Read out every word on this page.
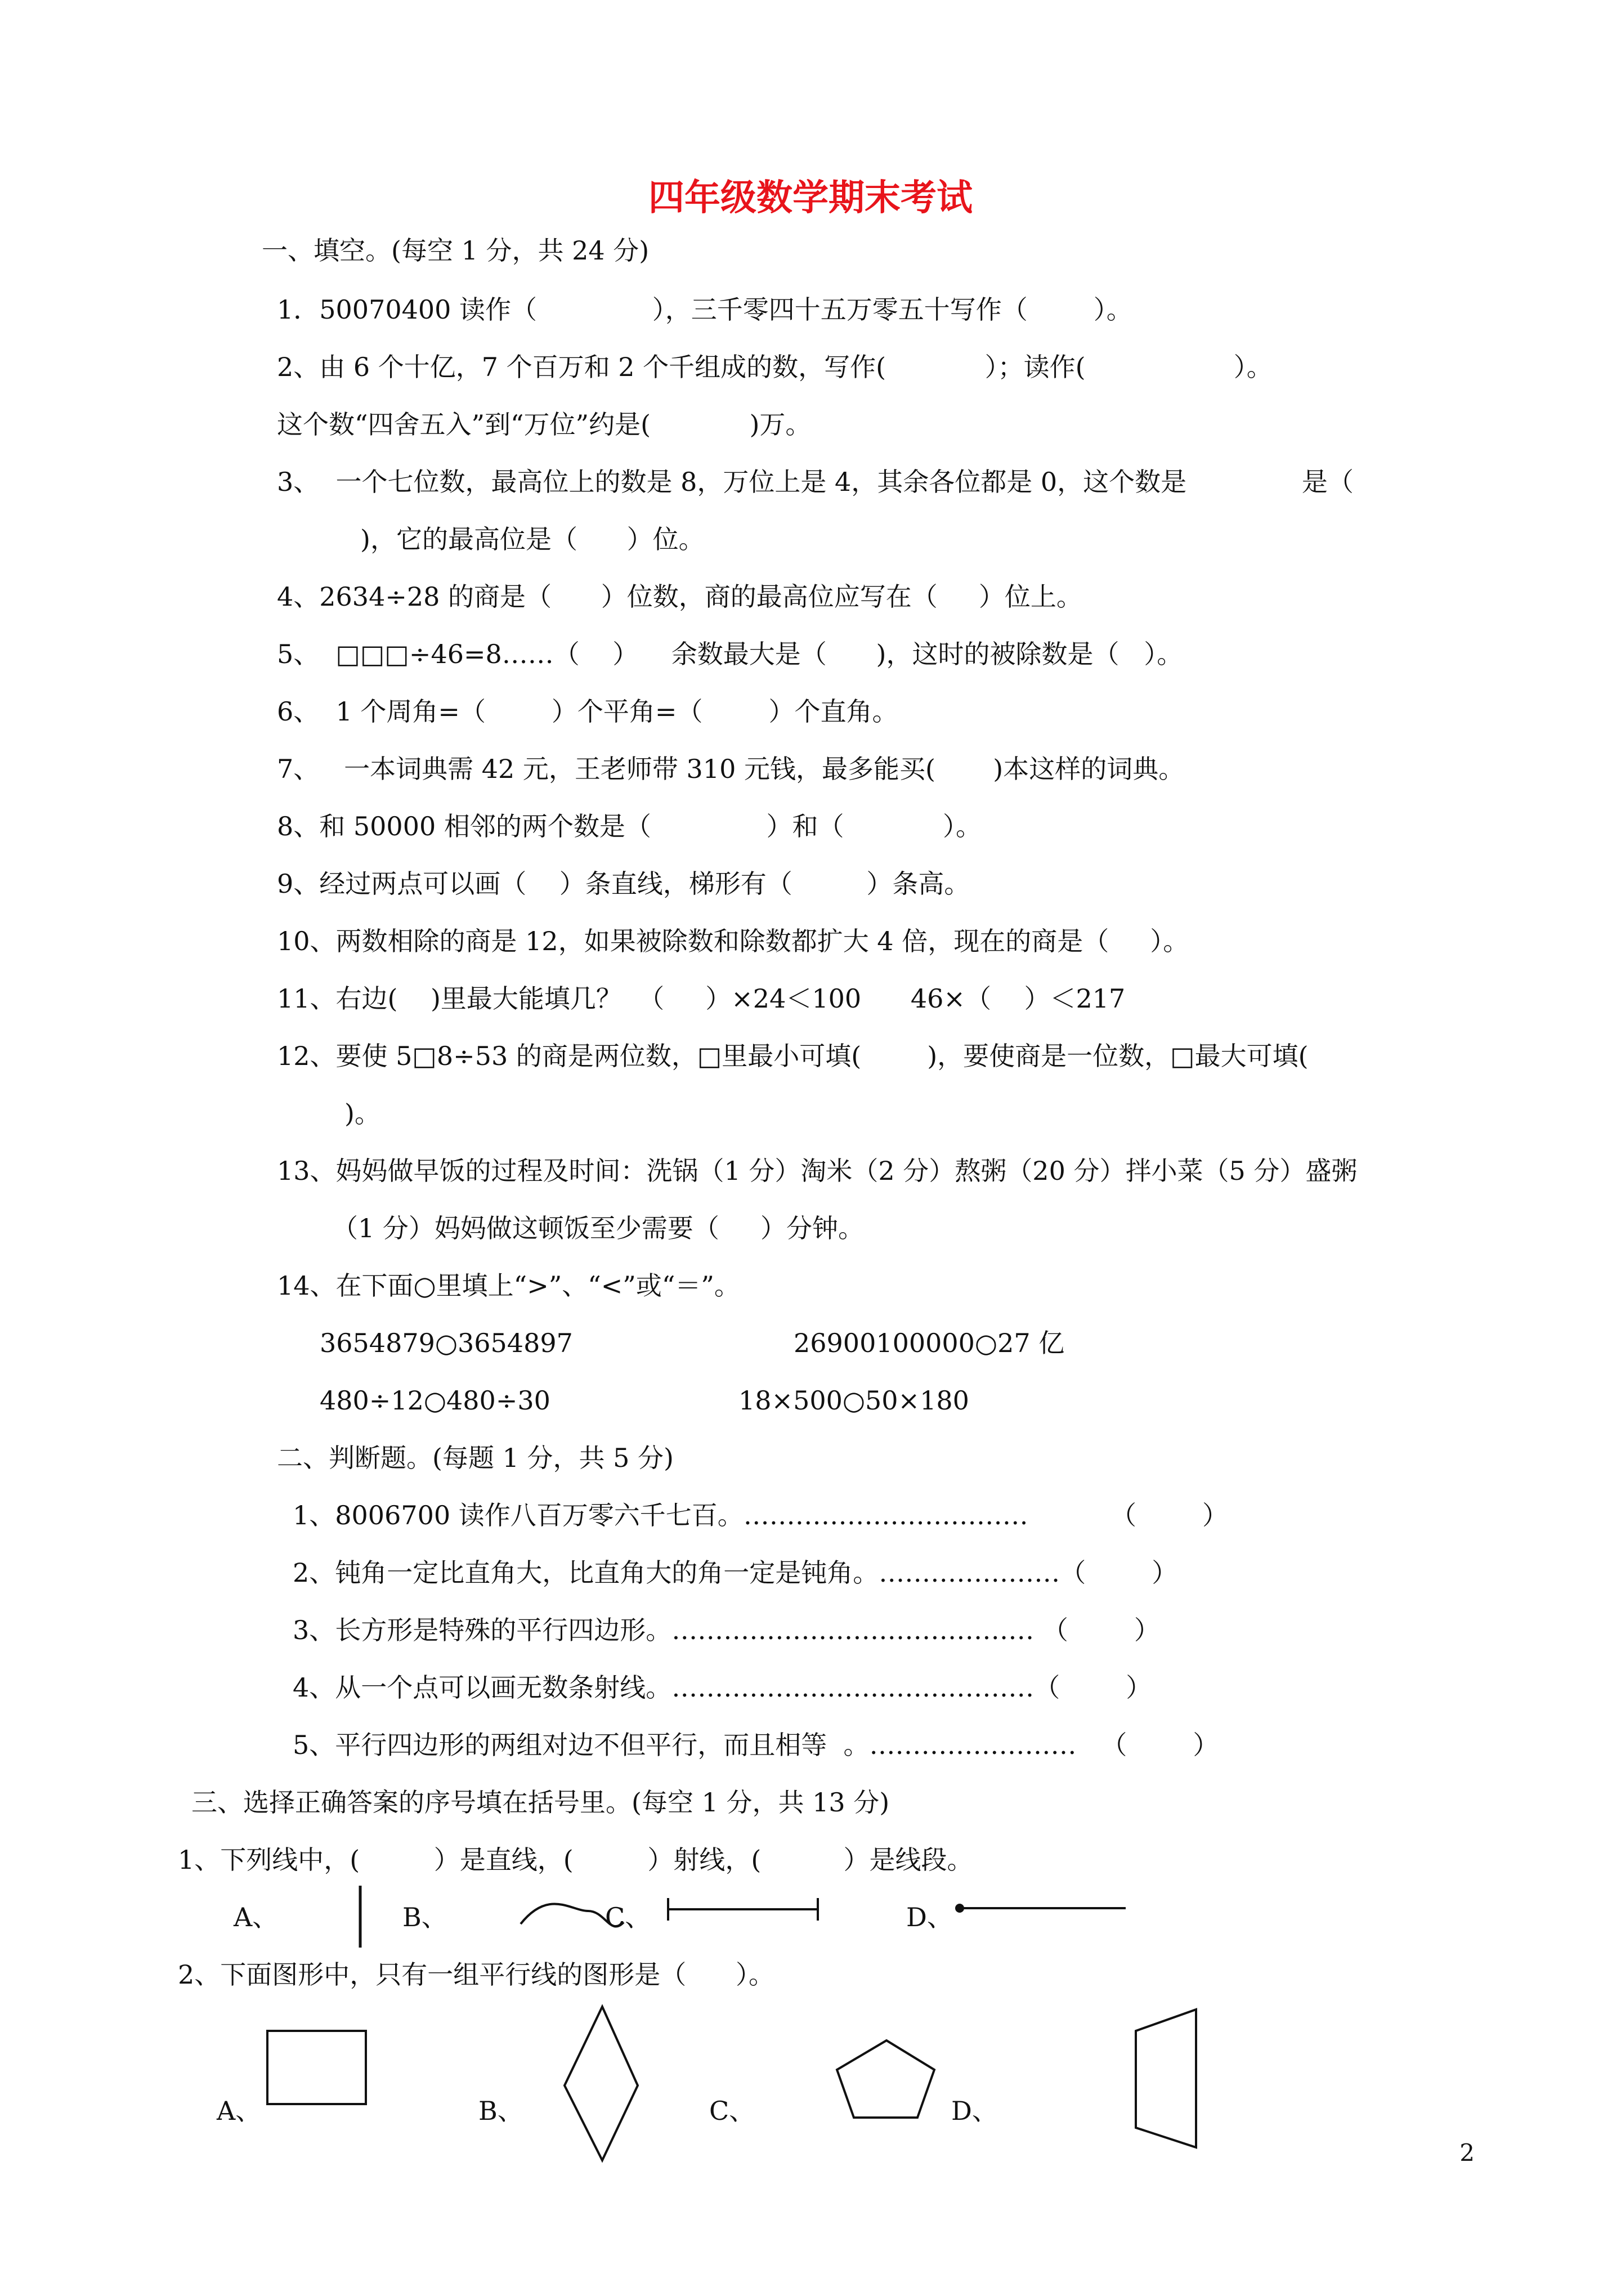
四年级数学期末考试
一、填空。(每空 1 分，共 24 分)
1．50070400 读作（              ），三千零四十五万零五十写作（        ）。
2、由 6 个十亿，7 个百万和 2 个千组成的数，写作(            ）；读作(                  ）。
这个数“四舍五入”到“万位”约是(            )万。
3、  一个七位数，最高位上的数是 8，万位上是 4，其余各位都是 0，这个数是              是（
)，它的最高位是（      ）位。
4、2634÷28 的商是（      ）位数，商的最高位应写在（     ）位上。
5、  □□□÷46=8……（    ）    余数最大是（      )，这时的被除数是（   ）。
6、  1 个周角=（        ）个平角=（        ）个直角。
7、   一本词典需 42 元，王老师带 310 元钱，最多能买(       )本这样的词典。
8、和 50000 相邻的两个数是（              ）和（            ）。
9、经过两点可以画（    ）条直线，梯形有（         ）条高。
10、两数相除的商是 12，如果被除数和除数都扩大 4 倍，现在的商是（     ）。
11、右边(    )里最大能填几？  （     ）×24＜100      46×（    ）＜217
12、要使 5□8÷53 的商是两位数，□里最小可填(        )，要使商是一位数，□最大可填(
)。
13、妈妈做早饭的过程及时间：洗锅（1 分）淘米（2 分）熬粥（20 分）拌小菜（5 分）盛粥
（1 分）妈妈做这顿饭至少需要（     ）分钟。
14、在下面○里填上“>”、“<”或“＝”。
3654879○3654897	26900100000○27 亿
480÷12○480÷30	18×500○50×180
二、判断题。(每题 1 分，共 5 分)
1、8006700 读作八百万零六千七百。……………………………          （        ）
2、钝角一定比直角大，比直角大的角一定是钝角。…………………（        ）
3、长方形是特殊的平行四边形。…………………………………… （        ）
4、从一个点可以画无数条射线。……………………………………（        ）
5、平行四边形的两组对边不但平行，而且相等  。……………………   （        ）
三、选择正确答案的序号填在括号里。(每空 1 分，共 13 分)
1、下列线中，(         ）是直线，(         ）射线，(          ）是线段。
A、	B、	C、	D、
2、下面图形中，只有一组平行线的图形是（      ）。
A、	B、	C、	D、
2
